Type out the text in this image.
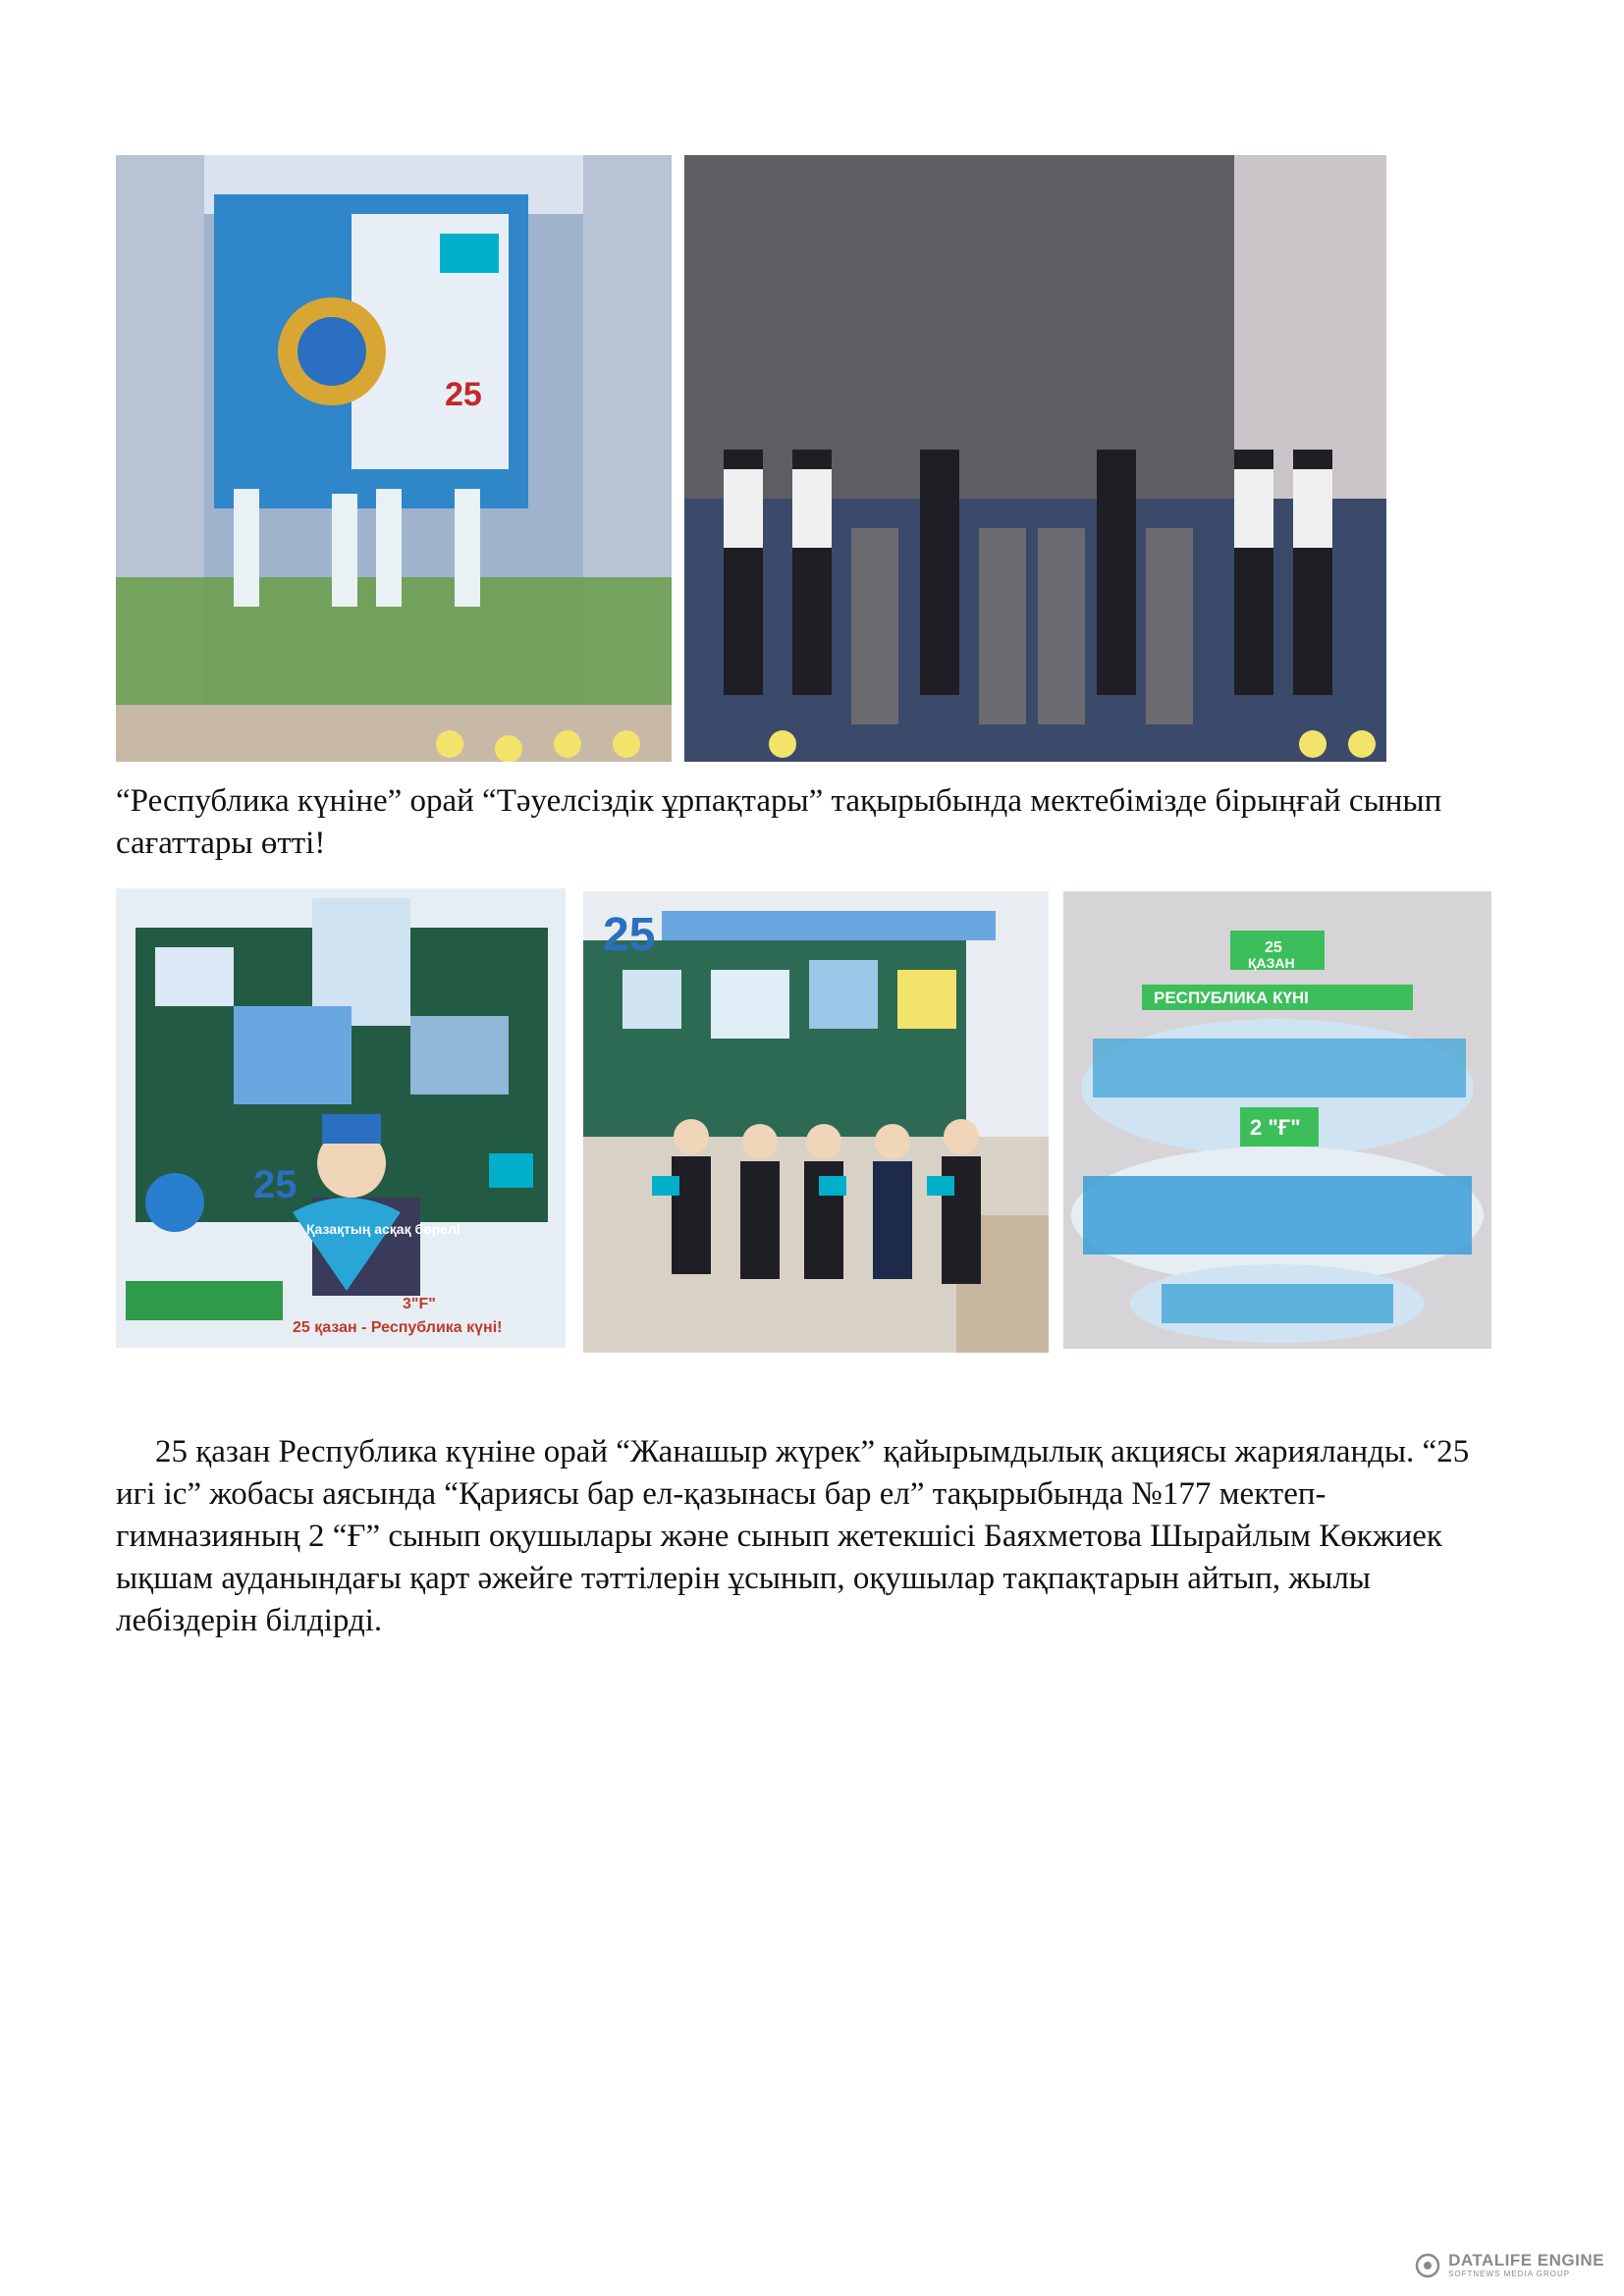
25

“Республика күніне” орай “Тәуелсіздік ұрпақтары” тақырыбында мектебімізде бірыңғай сынып сағаттары өтті!

25
Қазақтың асқақ бөрелі
3"F"
25 қазан - Республика күні!
25	25
ҚАЗАН
РЕСПУБЛИКА КҮНІ
2 "Ғ"

25 қазан Республика күніне орай “Жанашыр жүрек” қайырымдылық акциясы жарияланды. “25 игі іс” жобасы аясында “Қариясы бар ел-қазынасы бар ел” тақырыбында №177 мектеп-гимназияның 2 “Ғ” сынып оқушылары және сынып жетекшісі Баяхметова Шырайлым Көкжиек ықшам ауданындағы қарт әжейге тәттілерін ұсынып, оқушылар тақпақтарын айтып, жылы лебіздерін білдірді.

DATALIFE ENGINE
SOFTNEWS MEDIA GROUP
